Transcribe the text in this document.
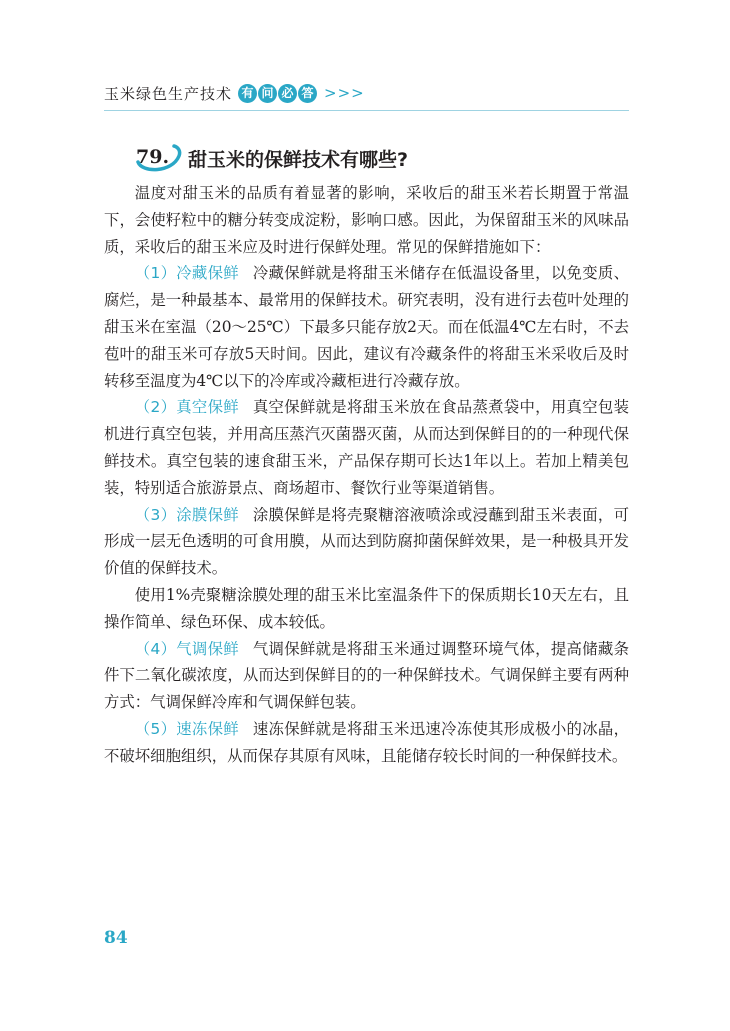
玉米绿色生产技术 有 问 必 答 >>>
79. 甜玉米的保鲜技术有哪些?

温度对甜玉米的品质有着显著的影响，采收后的甜玉米若长期置于常温下，会使籽粒中的糖分转变成淀粉，影响口感。因此，为保留甜玉米的风味品质，采收后的甜玉米应及时进行保鲜处理。常见的保鲜措施如下：

（1）冷藏保鲜 冷藏保鲜就是将甜玉米储存在低温设备里，以免变质、腐烂，是一种最基本、最常用的保鲜技术。研究表明，没有进行去苞叶处理的甜玉米在室温（20～25℃）下最多只能存放2天。而在低温4℃左右时，不去苞叶的甜玉米可存放5天时间。因此，建议有冷藏条件的将甜玉米采收后及时转移至温度为4℃以下的冷库或冷藏柜进行冷藏存放。

（2）真空保鲜 真空保鲜就是将甜玉米放在食品蒸煮袋中，用真空包装机进行真空包装，并用高压蒸汽灭菌器灭菌，从而达到保鲜目的的一种现代保鲜技术。真空包装的速食甜玉米，产品保存期可长达1年以上。若加上精美包装，特别适合旅游景点、商场超市、餐饮行业等渠道销售。

（3）涂膜保鲜 涂膜保鲜是将壳聚糖溶液喷涂或浸蘸到甜玉米表面，可形成一层无色透明的可食用膜，从而达到防腐抑菌保鲜效果，是一种极具开发价值的保鲜技术。

使用1%壳聚糖涂膜处理的甜玉米比室温条件下的保质期长10天左右，且操作简单、绿色环保、成本较低。

（4）气调保鲜 气调保鲜就是将甜玉米通过调整环境气体，提高储藏条件下二氧化碳浓度，从而达到保鲜目的的一种保鲜技术。气调保鲜主要有两种方式：气调保鲜冷库和气调保鲜包装。

（5）速冻保鲜 速冻保鲜就是将甜玉米迅速冷冻使其形成极小的冰晶，不破坏细胞组织，从而保存其原有风味，且能储存较长时间的一种保鲜技术。

84
